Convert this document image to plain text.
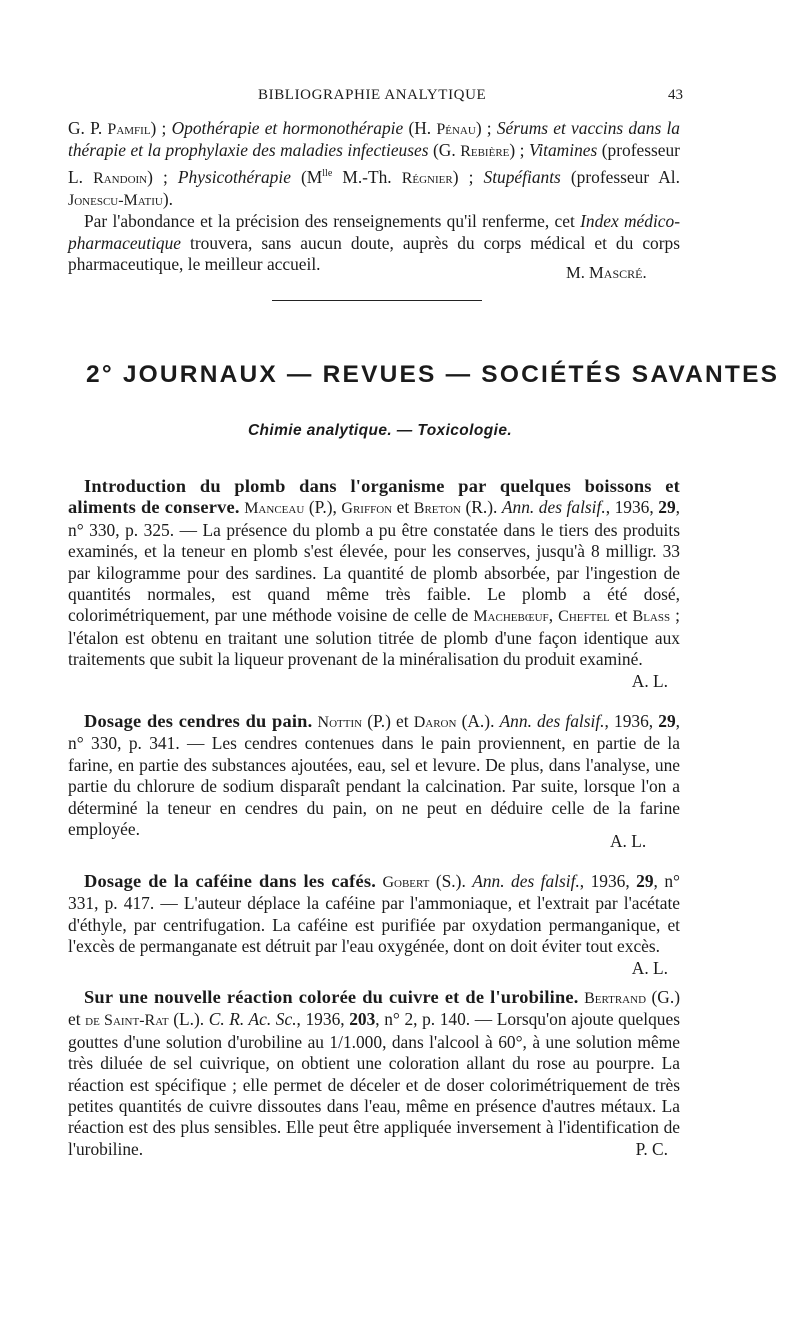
BIBLIOGRAPHIE ANALYTIQUE	43

G. P. Pamfil) ; Opothérapie et hormonothérapie (H. Pénau) ; Sérums et vaccins dans la thérapie et la prophylaxie des maladies infectieuses (G. Rebière) ; Vitamines (professeur L. Randoin) ; Physicothérapie ($M^{lle}$ M.-Th. Régnier) ; Stupéfiants (professeur Al. Jonescu-Matiu).

Par l'abondance et la précision des renseignements qu'il renferme, cet Index médico-pharmaceutique trouvera, sans aucun doute, auprès du corps médical et du corps pharmaceutique, le meilleur accueil.	M. Mascré.
2° JOURNAUX — REVUES — SOCIÉTÉS SAVANTES
Chimie analytique. — Toxicologie.

Introduction du plomb dans l'organisme par quelques boissons et aliments de conserve. Manceau (P.), Griffon et Breton (R.). Ann. des falsif., 1936, 29, n° 330, p. 325. — La présence du plomb a pu être constatée dans le tiers des produits examinés, et la teneur en plomb s'est élevée, pour les conserves, jusqu'à 8 milligr. 33 par kilogramme pour des sardines. La quantité de plomb absorbée, par l'ingestion de quantités normales, est quand même très faible. Le plomb a été dosé, colorimétriquement, par une méthode voisine de celle de Machebœuf, Cheftel et Blass ; l'étalon est obtenu en traitant une solution titrée de plomb d'une façon identique aux traitements que subit la liqueur provenant de la minéralisation du produit examiné.
A. L.

Dosage des cendres du pain. Nottin (P.) et Daron (A.). Ann. des falsif., 1936, 29, n° 330, p. 341. — Les cendres contenues dans le pain proviennent, en partie de la farine, en partie des substances ajoutées, eau, sel et levure. De plus, dans l'analyse, une partie du chlorure de sodium disparaît pendant la calcination. Par suite, lorsque l'on a déterminé la teneur en cendres du pain, on ne peut en déduire celle de la farine employée.

A. L.

Dosage de la caféine dans les cafés. Gobert (S.). Ann. des falsif., 1936, 29, n° 331, p. 417. — L'auteur déplace la caféine par l'ammoniaque, et l'extrait par l'acétate d'éthyle, par centrifugation. La caféine est purifiée par oxydation permanganique, et l'excès de permanganate est détruit par l'eau oxygénée, dont on doit éviter tout excès.
A. L.

Sur une nouvelle réaction colorée du cuivre et de l'urobiline. Bertrand (G.) et de Saint-Rat (L.). C. R. Ac. Sc., 1936, 203, n° 2, p. 140. — Lorsqu'on ajoute quelques gouttes d'une solution d'urobiline au 1/1.000, dans l'alcool à 60°, à une solution même très diluée de sel cuivrique, on obtient une coloration allant du rose au pourpre. La réaction est spécifique ; elle permet de déceler et de doser colorimétriquement de très petites quantités de cuivre dissoutes dans l'eau, même en présence d'autres métaux. La réaction est des plus sensibles. Elle peut être appliquée inversement à l'identification de l'urobiline.	P. C.
